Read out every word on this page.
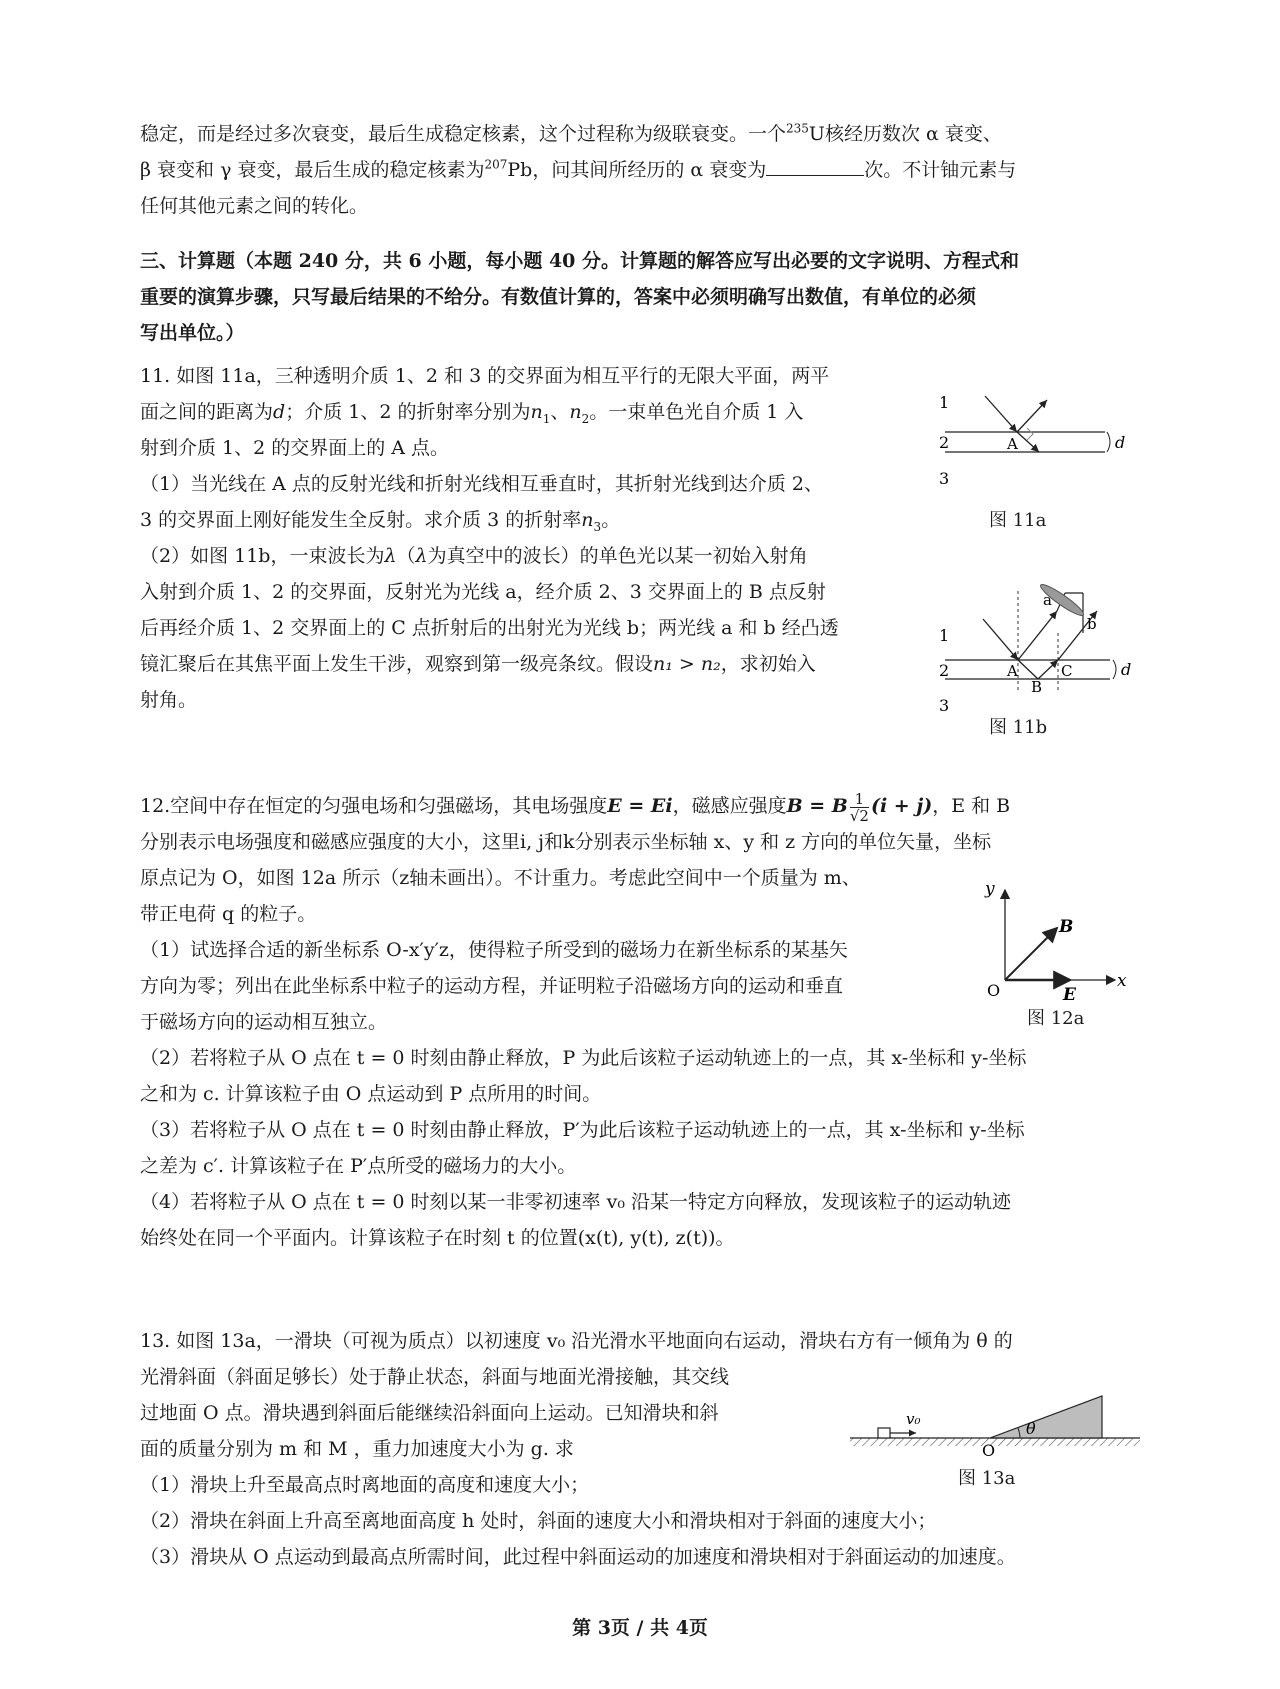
稳定，而是经过多次衰变，最后生成稳定核素，这个过程称为级联衰变。一个$^{235}$U核经历数次 α 衰变、
β 衰变和 γ 衰变，最后生成的稳定核素为$^{207}$Pb，问其间所经历的 α 衰变为	次。不计铀元素与
任何其他元素之间的转化。
三、计算题（本题 240 分，共 6 小题，每小题 40 分。计算题的解答应写出必要的文字说明、方程式和
重要的演算步骤，只写最后结果的不给分。有数值计算的，答案中必须明确写出数值，有单位的必须
写出单位。）
11. 如图 11a，三种透明介质 1、2 和 3 的交界面为相互平行的无限大平面，两平
面之间的距离为d；介质 1、2 的折射率分别为$n_1$、$n_2$。一束单色光自介质 1 入
射到介质 1、2 的交界面上的 A 点。
（1）当光线在 A 点的反射光线和折射光线相互垂直时，其折射光线到达介质 2、
3 的交界面上刚好能发生全反射。求介质 3 的折射率$n_3$。
（2）如图 11b，一束波长为λ（λ为真空中的波长）的单色光以某一初始入射角
入射到介质 1、2 的交界面，反射光为光线 a，经介质 2、3 交界面上的 B 点反射
后再经介质 1、2 交界面上的 C 点折射后的出射光为光线 b；两光线 a 和 b 经凸透
镜汇聚后在其焦平面上发生干涉，观察到第一级亮条纹。假设n₁ > n₂，求初始入
射角。
1
2
3
A	d
图 11a
1
2
3
A
B
C
a
b
d
图 11b
12.空间中存在恒定的匀强电场和匀强磁场，其电场强度E = Ei，磁感应强度B = B $\frac{1}{√2} (i + j)$，E 和 B
分别表示电场强度和磁感应强度的大小，这里i, j和k分别表示坐标轴 x、y 和 z 方向的单位矢量，坐标
原点记为 O，如图 12a 所示（z轴未画出）。不计重力。考虑此空间中一个质量为 m、
带正电荷 q 的粒子。
（1）试选择合适的新坐标系 O-x′y′z，使得粒子所受到的磁场力在新坐标系的某基矢
方向为零；列出在此坐标系中粒子的运动方程，并证明粒子沿磁场方向的运动和垂直
于磁场方向的运动相互独立。
（2）若将粒子从 O 点在 t = 0 时刻由静止释放，P 为此后该粒子运动轨迹上的一点，其 x-坐标和 y-坐标
之和为 c. 计算该粒子由 O 点运动到 P 点所用的时间。
（3）若将粒子从 O 点在 t = 0 时刻由静止释放，P′为此后该粒子运动轨迹上的一点，其 x-坐标和 y-坐标
之差为 c′. 计算该粒子在 P′点所受的磁场力的大小。
（4）若将粒子从 O 点在 t = 0 时刻以某一非零初速率 v₀ 沿某一特定方向释放，发现该粒子的运动轨迹
始终处在同一个平面内。计算该粒子在时刻 t 的位置(x(t), y(t), z(t))。
y
x
O
B
E
图 12a
13. 如图 13a，一滑块（可视为质点）以初速度 v₀ 沿光滑水平地面向右运动，滑块右方有一倾角为 θ 的
光滑斜面（斜面足够长）处于静止状态，斜面与地面光滑接触，其交线
过地面 O 点。滑块遇到斜面后能继续沿斜面向上运动。已知滑块和斜
面的质量分别为 m 和 M ，重力加速度大小为 g. 求
（1）滑块上升至最高点时离地面的高度和速度大小；
（2）滑块在斜面上升高至离地面高度 h 处时，斜面的速度大小和滑块相对于斜面的速度大小；
（3）滑块从 O 点运动到最高点所需时间，此过程中斜面运动的加速度和滑块相对于斜面运动的加速度。
v₀	θ
O
图 13a
第 3页 / 共 4页
